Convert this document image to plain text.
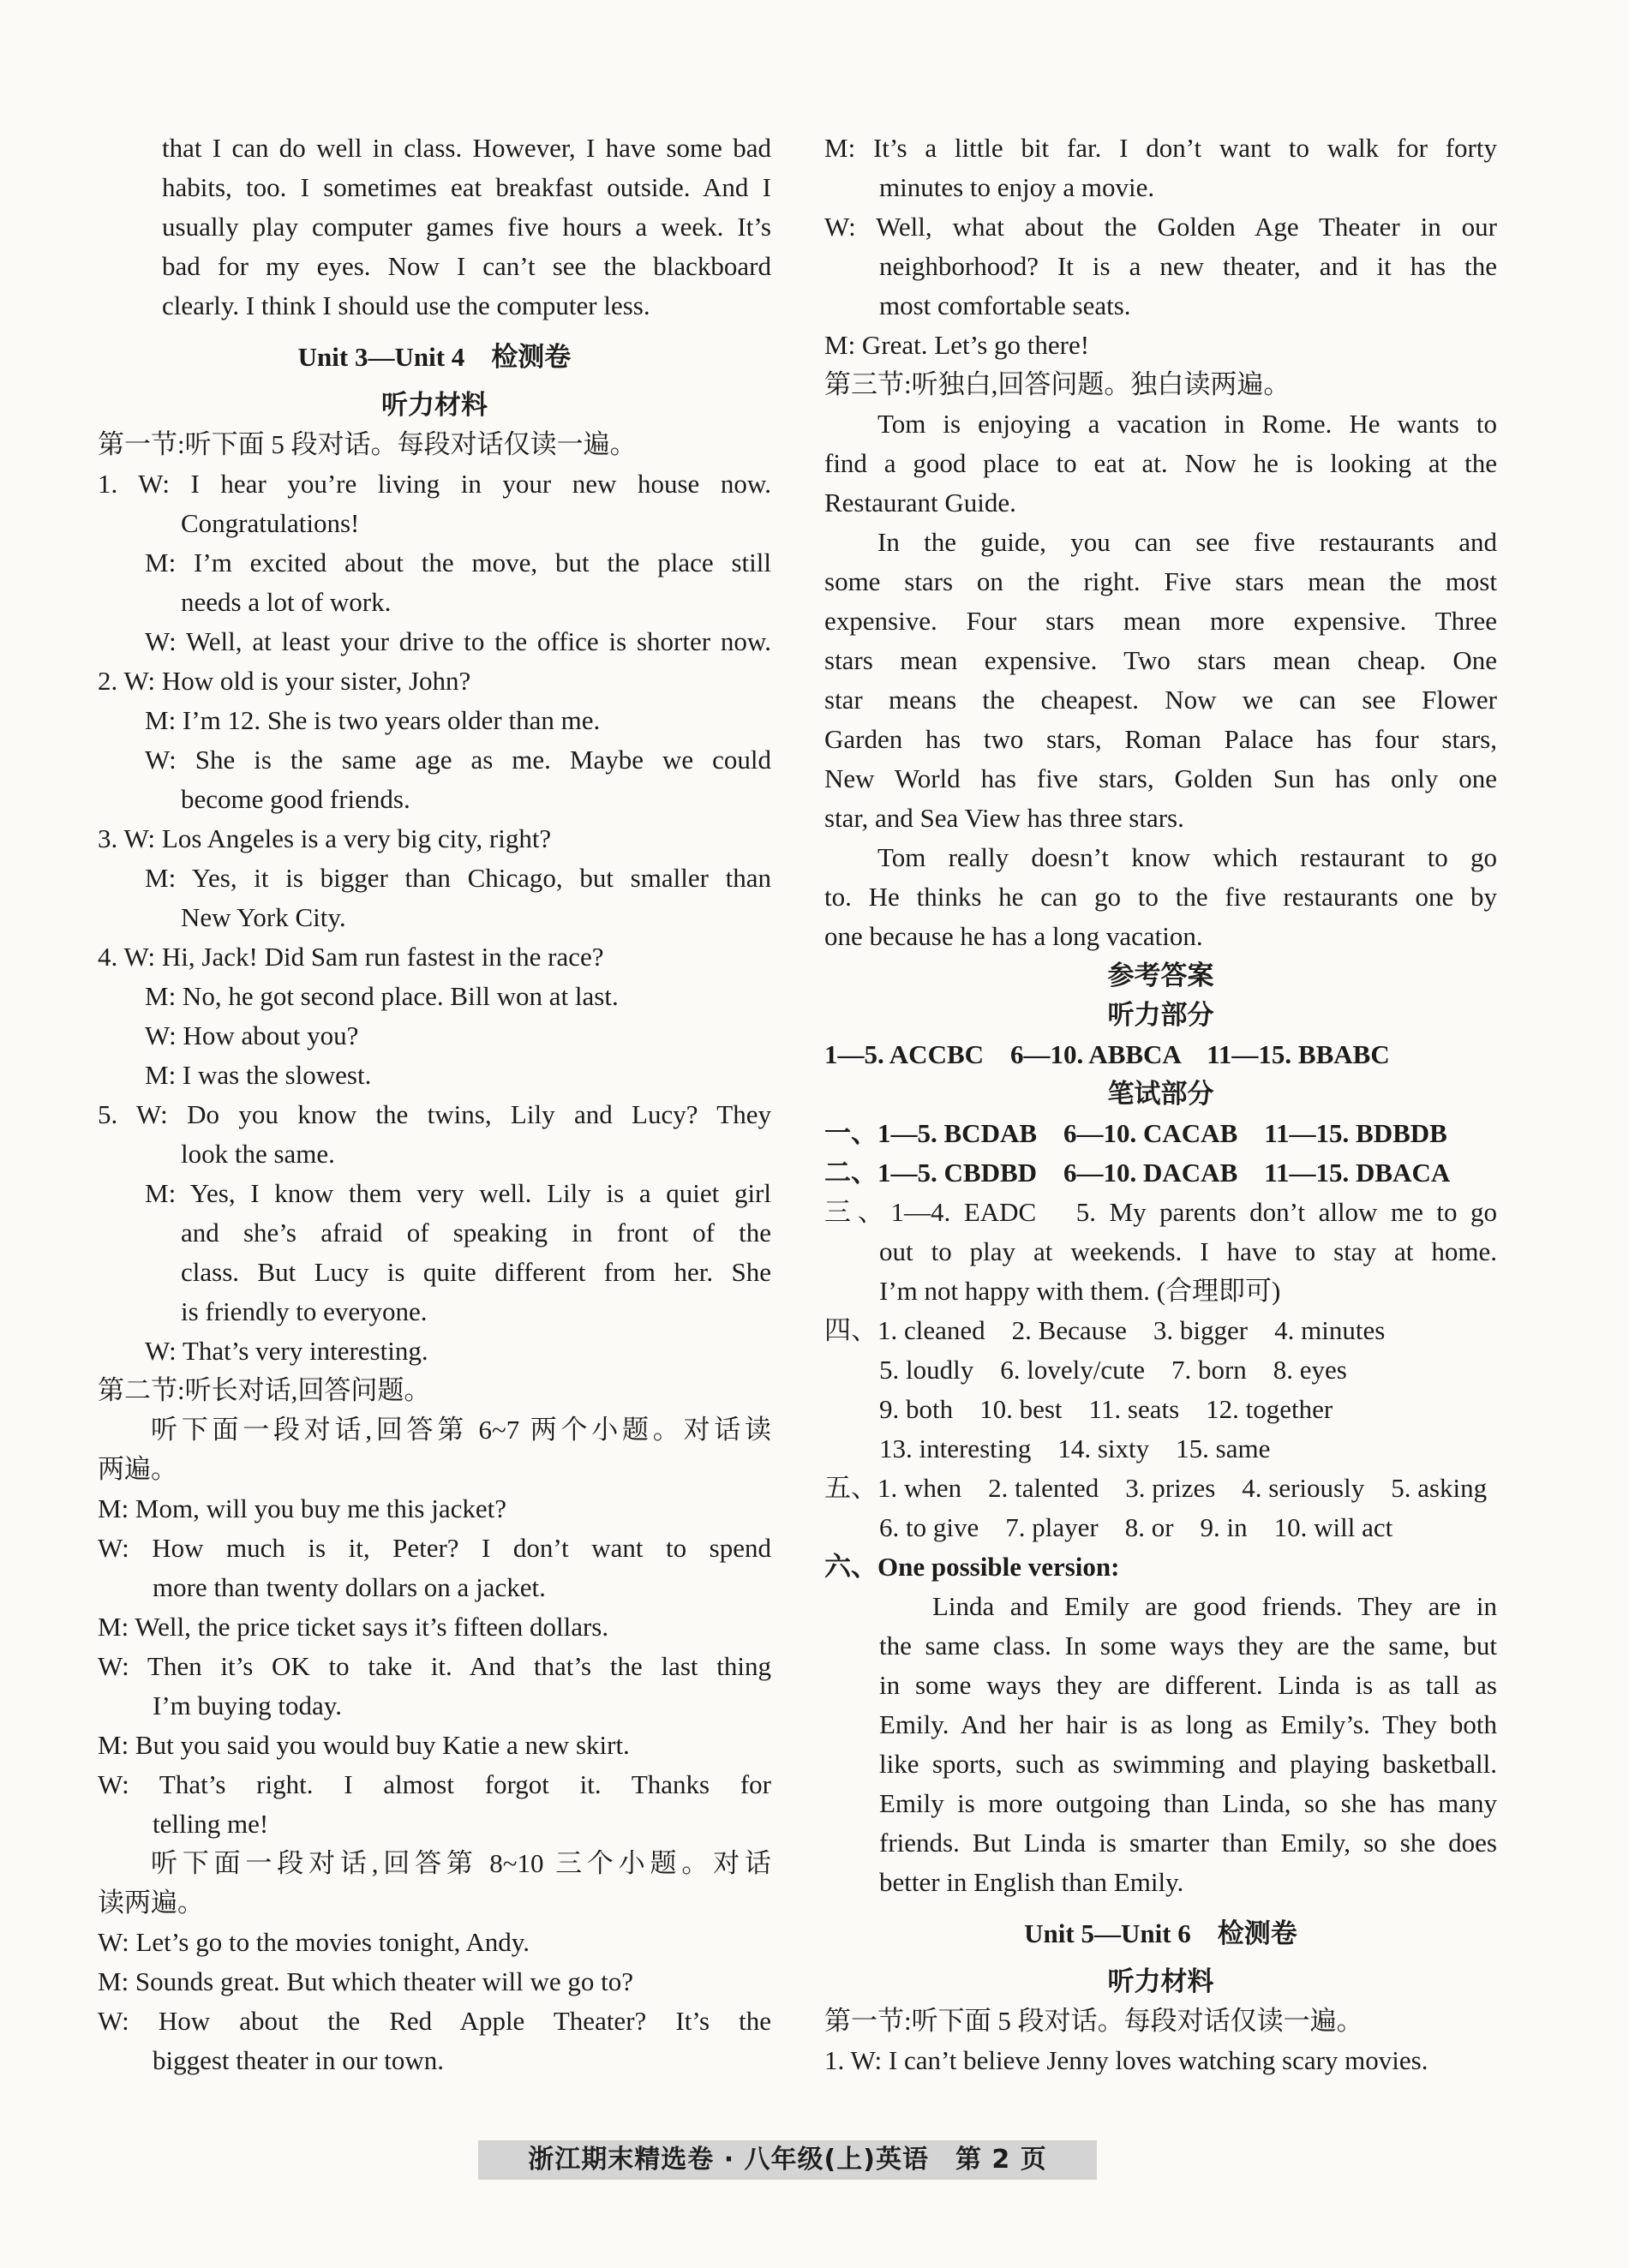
that I can do well in class. However, I have some bad
habits, too. I sometimes eat breakfast outside. And I
usually play computer games five hours a week. It’s
bad for my eyes. Now I can’t see the blackboard
clearly. I think I should use the computer less.
Unit 3—Unit 4　检测卷
听力材料
第一节:听下面 5 段对话。每段对话仅读一遍。
1. W: I hear you’re living in your new house now.
Congratulations!
M: I’m excited about the move, but the place still
needs a lot of work.
W: Well, at least your drive to the office is shorter now.
2. W: How old is your sister, John?
M: I’m 12. She is two years older than me.
W: She is the same age as me. Maybe we could
become good friends.
3. W: Los Angeles is a very big city, right?
M: Yes, it is bigger than Chicago, but smaller than
New York City.
4. W: Hi, Jack! Did Sam run fastest in the race?
M: No, he got second place. Bill won at last.
W: How about you?
M: I was the slowest.
5. W: Do you know the twins, Lily and Lucy? They
look the same.
M: Yes, I know them very well. Lily is a quiet girl
and she’s afraid of speaking in front of the
class. But Lucy is quite different from her. She
is friendly to everyone.
W: That’s very interesting.
第二节:听长对话,回答问题。
听下面一段对话,回答第 6~7 两个小题。对话读
两遍。
M: Mom, will you buy me this jacket?
W: How much is it, Peter? I don’t want to spend
more than twenty dollars on a jacket.
M: Well, the price ticket says it’s fifteen dollars.
W: Then it’s OK to take it. And that’s the last thing
I’m buying today.
M: But you said you would buy Katie a new skirt.
W: That’s right. I almost forgot it. Thanks for
telling me!
听下面一段对话,回答第 8~10 三个小题。对话
读两遍。
W: Let’s go to the movies tonight, Andy.
M: Sounds great. But which theater will we go to?
W: How about the Red Apple Theater? It’s the
biggest theater in our town.
M: It’s a little bit far. I don’t want to walk for forty
minutes to enjoy a movie.
W: Well, what about the Golden Age Theater in our
neighborhood? It is a new theater, and it has the
most comfortable seats.
M: Great. Let’s go there!
第三节:听独白,回答问题。独白读两遍。
Tom is enjoying a vacation in Rome. He wants to
find a good place to eat at. Now he is looking at the
Restaurant Guide.
In the guide, you can see five restaurants and
some stars on the right. Five stars mean the most
expensive. Four stars mean more expensive. Three
stars mean expensive. Two stars mean cheap. One
star means the cheapest. Now we can see Flower
Garden has two stars, Roman Palace has four stars,
New World has five stars, Golden Sun has only one
star, and Sea View has three stars.
Tom really doesn’t know which restaurant to go
to. He thinks he can go to the five restaurants one by
one because he has a long vacation.
参考答案
听力部分
1—5. ACCBC　6—10. ABBCA　11—15. BBABC
笔试部分
一、1—5. BCDAB　6—10. CACAB　11—15. BDBDB
二、1—5. CBDBD　6—10. DACAB　11—15. DBACA
三、1—4. EADC　5. My parents don’t allow me to go
out to play at weekends. I have to stay at home.
I’m not happy with them. (合理即可)
四、1. cleaned　2. Because　3. bigger　4. minutes
5. loudly　6. lovely/cute　7. born　8. eyes
9. both　10. best　11. seats　12. together
13. interesting　14. sixty　15. same
五、1. when　2. talented　3. prizes　4. seriously　5. asking
6. to give　7. player　8. or　9. in　10. will act
六、One possible version:
Linda and Emily are good friends. They are in
the same class. In some ways they are the same, but
in some ways they are different. Linda is as tall as
Emily. And her hair is as long as Emily’s. They both
like sports, such as swimming and playing basketball.
Emily is more outgoing than Linda, so she has many
friends. But Linda is smarter than Emily, so she does
better in English than Emily.
Unit 5—Unit 6　检测卷
听力材料
第一节:听下面 5 段对话。每段对话仅读一遍。
1. W: I can’t believe Jenny loves watching scary movies.
浙江期末精选卷 · 八年级(上)英语　第 2 页
